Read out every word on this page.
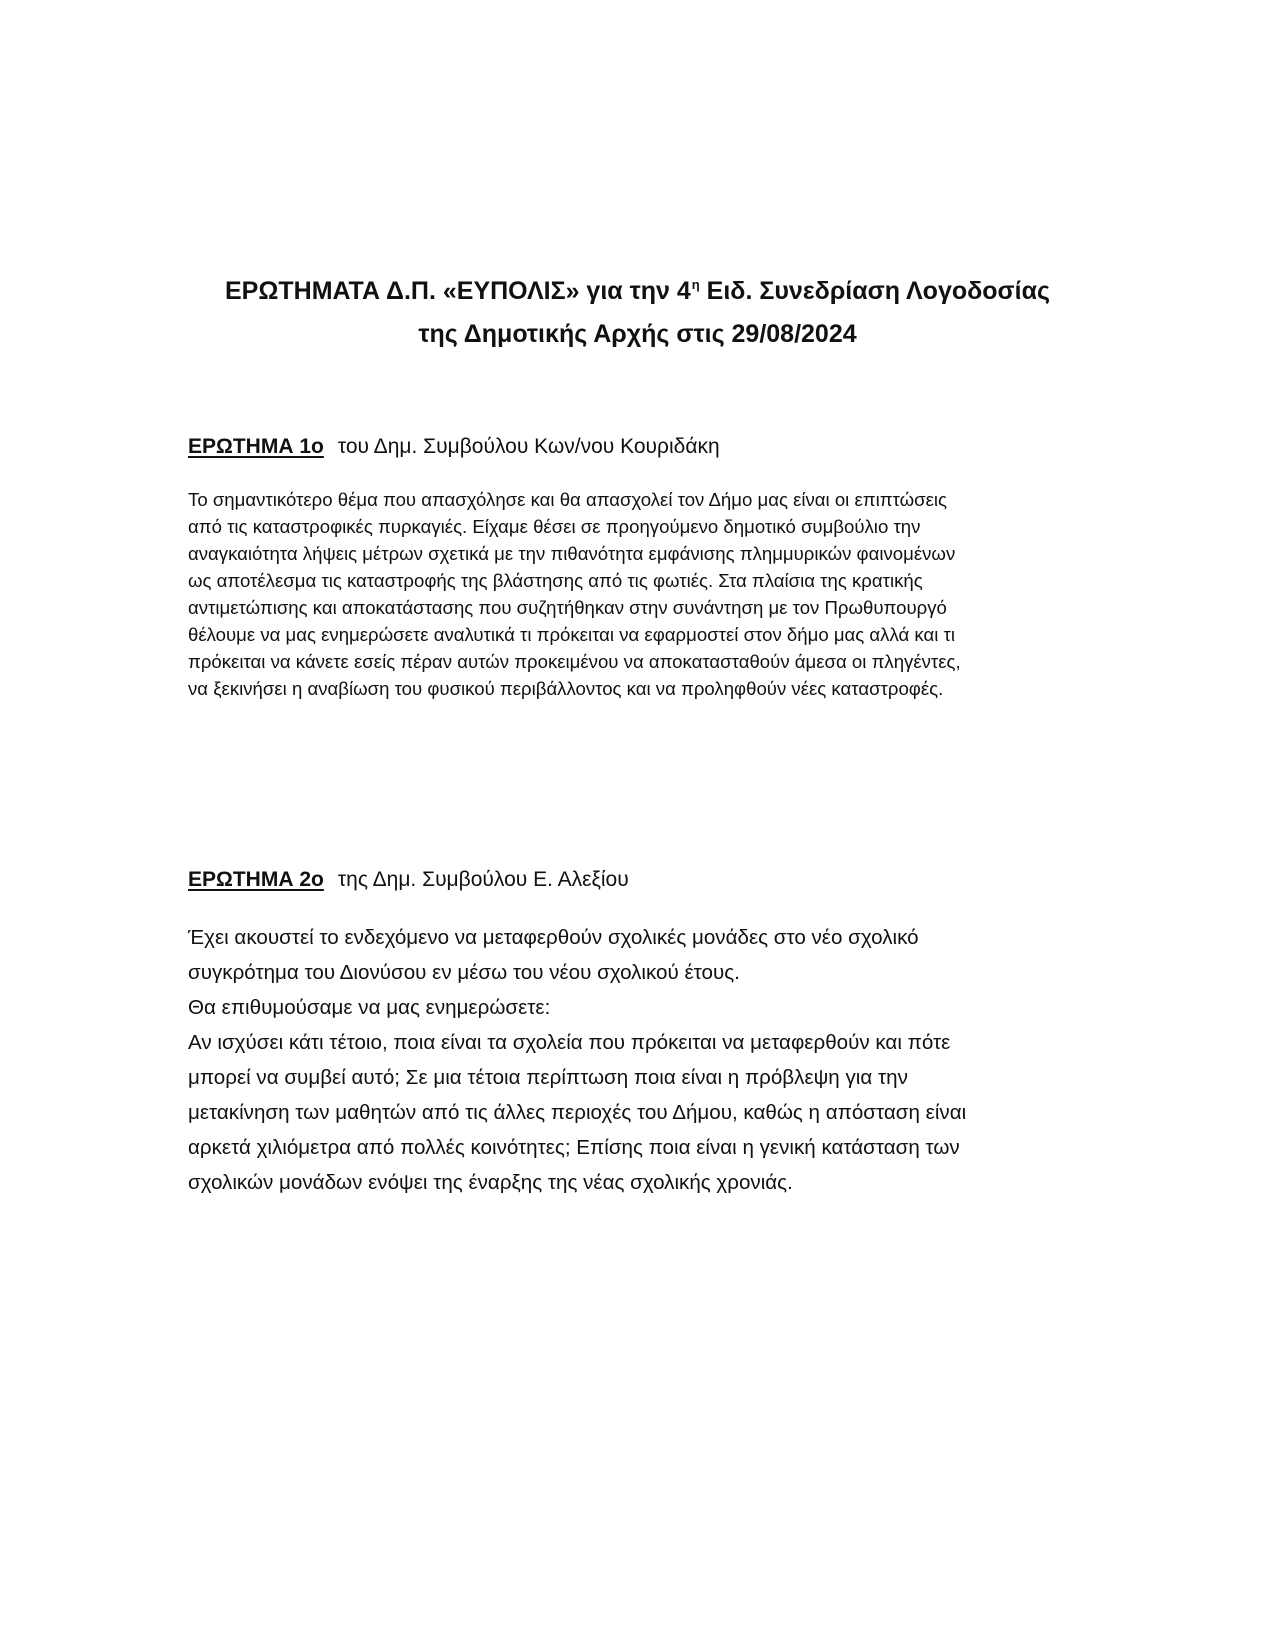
ΕΡΩΤΗΜΑΤΑ Δ.Π. «ΕΥΠΟΛΙΣ» για την $4^\eta$ Ειδ. Συνεδρίαση Λογοδοσίας
της Δημοτικής Αρχής στις 29/08/2024
ΕΡΩΤΗΜΑ 1ο του Δημ. Συμβούλου Κων/νου Κουριδάκη
Το σημαντικότερο θέμα που απασχόλησε και θα απασχολεί τον Δήμο μας είναι οι επιπτώσεις
από τις καταστροφικές πυρκαγιές. Είχαμε θέσει σε προηγούμενο δημοτικό συμβούλιο την
αναγκαιότητα λήψεις μέτρων σχετικά με την πιθανότητα εμφάνισης πλημμυρικών φαινομένων
ως αποτέλεσμα τις καταστροφής της βλάστησης από τις φωτιές. Στα πλαίσια της κρατικής
αντιμετώπισης και αποκατάστασης που συζητήθηκαν στην συνάντηση με τον Πρωθυπουργό
θέλουμε να μας ενημερώσετε αναλυτικά τι πρόκειται να εφαρμοστεί στον δήμο μας αλλά και τι
πρόκειται να κάνετε εσείς πέραν αυτών προκειμένου να αποκατασταθούν άμεσα οι πληγέντες,
να ξεκινήσει η αναβίωση του φυσικού περιβάλλοντος και να προληφθούν νέες καταστροφές.
ΕΡΩΤΗΜΑ 2ο της Δημ. Συμβούλου Ε. Αλεξίου
Έχει ακουστεί το ενδεχόμενο να μεταφερθούν σχολικές μονάδες στο νέο σχολικό
συγκρότημα του Διονύσου εν μέσω του νέου σχολικού έτους.
Θα επιθυμούσαμε να μας ενημερώσετε:
Αν ισχύσει κάτι τέτοιο, ποια είναι τα σχολεία που πρόκειται να μεταφερθούν και πότε
μπορεί να συμβεί αυτό; Σε μια τέτοια περίπτωση ποια είναι η πρόβλεψη για την
μετακίνηση των μαθητών από τις άλλες περιοχές του Δήμου, καθώς η απόσταση είναι
αρκετά χιλιόμετρα από πολλές κοινότητες; Επίσης ποια είναι η γενική κατάσταση των
σχολικών μονάδων ενόψει της έναρξης της νέας σχολικής χρονιάς.
